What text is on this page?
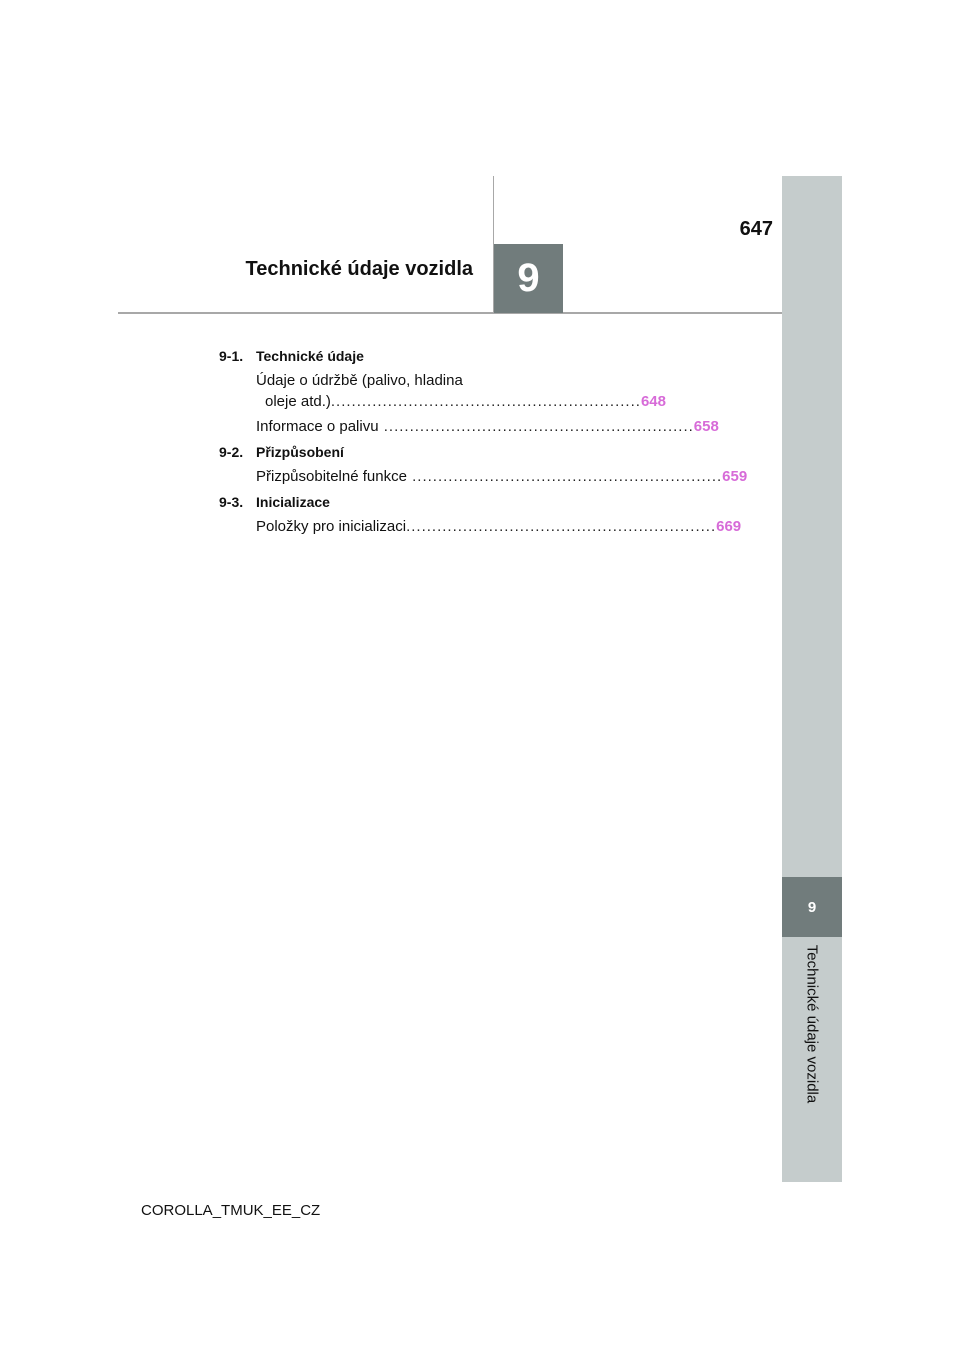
9
Technické údaje vozidla
9
647
Technické údaje vozidla
9-1. Technické údaje
Údaje o údržbě (palivo, hladina
oleje atd.) ............................................................ 648
Informace o palivu ............................................................ 658
9-2. Přizpůsobení
Přizpůsobitelné funkce ............................................................ 659
9-3. Inicializace
Položky pro inicializaci ............................................................ 669
COROLLA_TMUK_EE_CZ
